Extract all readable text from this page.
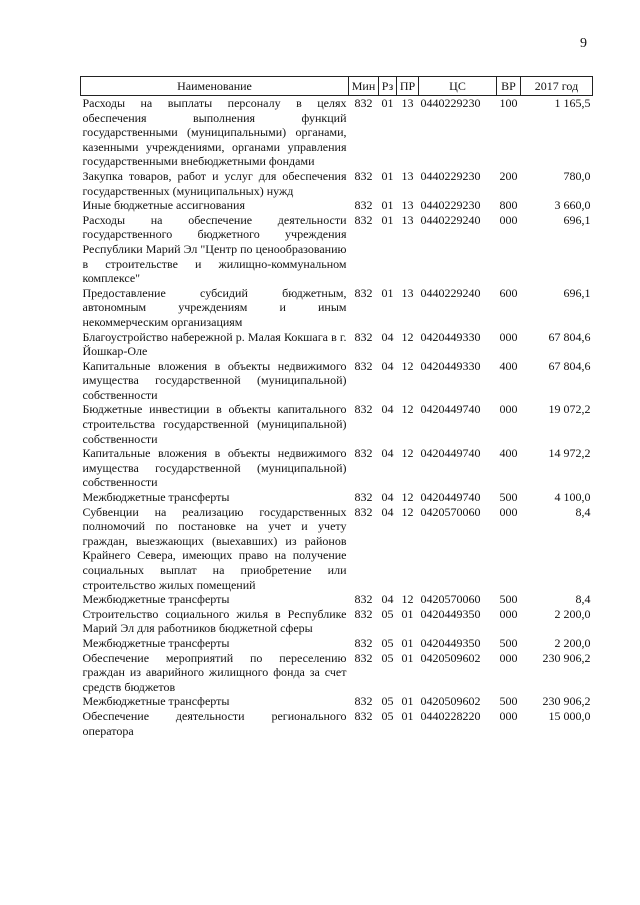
9
Наименование	Мин	Рз	ПР	ЦС	ВР	2017 год
Расходы на выплаты персоналу в целях обеспечения выполнения функций государственными (муниципальными) органами, казенными учреждениями, органами управления государственными внебюджетными фондами	832	01	13	0440229230	100	1 165,5
Закупка товаров, работ и услуг для обеспечения государственных (муниципальных) нужд	832	01	13	0440229230	200	780,0
Иные бюджетные ассигнования	832	01	13	0440229230	800	3 660,0
Расходы на обеспечение деятельности государственного бюджетного учреждения Республики Марий Эл "Центр по ценообразованию в строительстве и жилищно-коммунальном комплексе"	832	01	13	0440229240	000	696,1
Предоставление субсидий бюджетным, автономным учреждениям и иным некоммерческим организациям	832	01	13	0440229240	600	696,1
Благоустройство набережной р. Малая Кокшага в г. Йошкар-Оле	832	04	12	0420449330	000	67 804,6
Капитальные вложения в объекты недвижимого имущества государственной (муниципальной) собственности	832	04	12	0420449330	400	67 804,6
Бюджетные инвестиции в объекты капитального строительства государственной (муниципальной) собственности	832	04	12	0420449740	000	19 072,2
Капитальные вложения в объекты недвижимого имущества государственной (муниципальной) собственности	832	04	12	0420449740	400	14 972,2
Межбюджетные трансферты	832	04	12	0420449740	500	4 100,0
Субвенции на реализацию государственных полномочий по постановке на учет и учету граждан, выезжающих (выехавших) из районов Крайнего Севера, имеющих право на получение социальных выплат на приобретение или строительство жилых помещений	832	04	12	0420570060	000	8,4
Межбюджетные трансферты	832	04	12	0420570060	500	8,4
Строительство социального жилья в Республике Марий Эл для работников бюджетной сферы	832	05	01	0420449350	000	2 200,0
Межбюджетные трансферты	832	05	01	0420449350	500	2 200,0
Обеспечение мероприятий по переселению граждан из аварийного жилищного фонда за счет средств бюджетов	832	05	01	0420509602	000	230 906,2
Межбюджетные трансферты	832	05	01	0420509602	500	230 906,2
Обеспечение деятельности регионального оператора	832	05	01	0440228220	000	15 000,0
